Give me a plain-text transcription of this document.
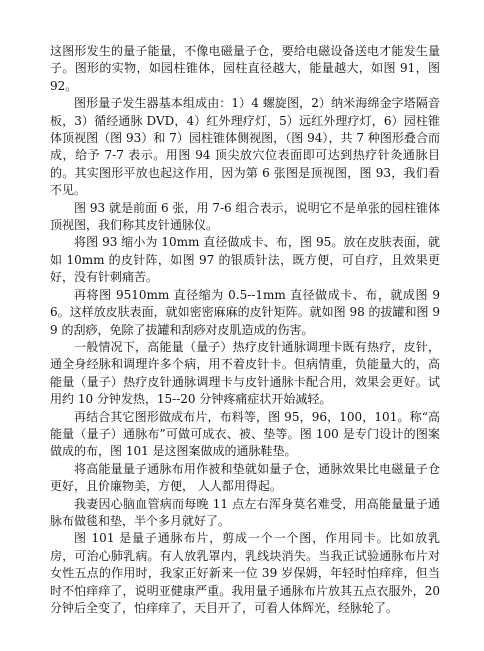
这图形发生的量子能量，不像电磁量子仓，要给电磁设备送电才能发生量子。图形的实物，如园柱锥体，园柱直径越大，能量越大，如图 91，图 92。

图形量子发生器基本组成由：1）4 螺旋图，2）纳米海绵金字塔隔音板，3）循经通脉 DVD，4）红外理疗灯，5）远红外理疗灯，6）园柱锥体顶视图（图 93）和 7）园柱锥体侧视图，（图 94），共 7 种图形叠合而成，给予 7-7 表示。用图 94 顶尖放穴位表面即可达到热疗针灸通脉目的。其实图形平放也起这作用，因为第 6 张图是顶视图，图 93，我们看不见。

图 93 就是前面 6 张，用 7-6 组合表示，说明它不是单张的园柱锥体顶视图，我们称其皮针通脉仪。

将图 93 缩小为 10mm 直径做成卡、布，图 95。放在皮肤表面，就如 10mm 的皮针阵，如图 97 的银质针法，既方便，可自疗，且效果更好，没有针刺痛苦。

再将图 9510mm 直径缩为 0.5--1mm 直径做成卡、布，就成图 96。这样放皮肤表面，就如密密麻麻的皮针矩阵。就如图 98 的拔罐和图 99 的刮痧，免除了拔罐和刮痧对皮肌造成的伤害。

一般情况下，高能量（量子）热疗皮针通脉调理卡既有热疗，皮针，通全身经脉和调理许多个病，用不着皮针卡。但病情重，负能量大的，高能量（量子）热疗皮针通脉调理卡与皮针通脉卡配合用，效果会更好。试用约 10 分钟发热，15--20 分钟疼痛症状开始减轻。

再结合其它图形做成布片，布料等，图 95，96，100，101。称“高能量（量子）通脉布”可做可成衣、被、垫等。图 100 是专门设计的图案做成的布，图 101 是这图案做成的通脉鞋垫。

将高能量量子通脉布用作被和垫就如量子仓，通脉效果比电磁量子仓更好，且价廉物美，方便， 人人都用得起。

我妻因心脑血管病而每晚 11 点左右浑身莫名难受，用高能量量子通脉布做毯和垫，半个多月就好了。

图 101 是量子通脉布片，剪成一个一个图，作用同卡。比如放乳房，可治心肺乳病。有人放乳罩内，乳线块消失。当我正试验通脉布片对女性五点的作用时，我家正好新来一位 39 岁保姆，年轻时怕痒痒，但当时不怕痒痒了，说明亚健康严重。我用量子通脉布片放其五点衣服外，20 分钟后全变了，怕痒痒了，天目开了，可看人体辉光，经脉轮了。
